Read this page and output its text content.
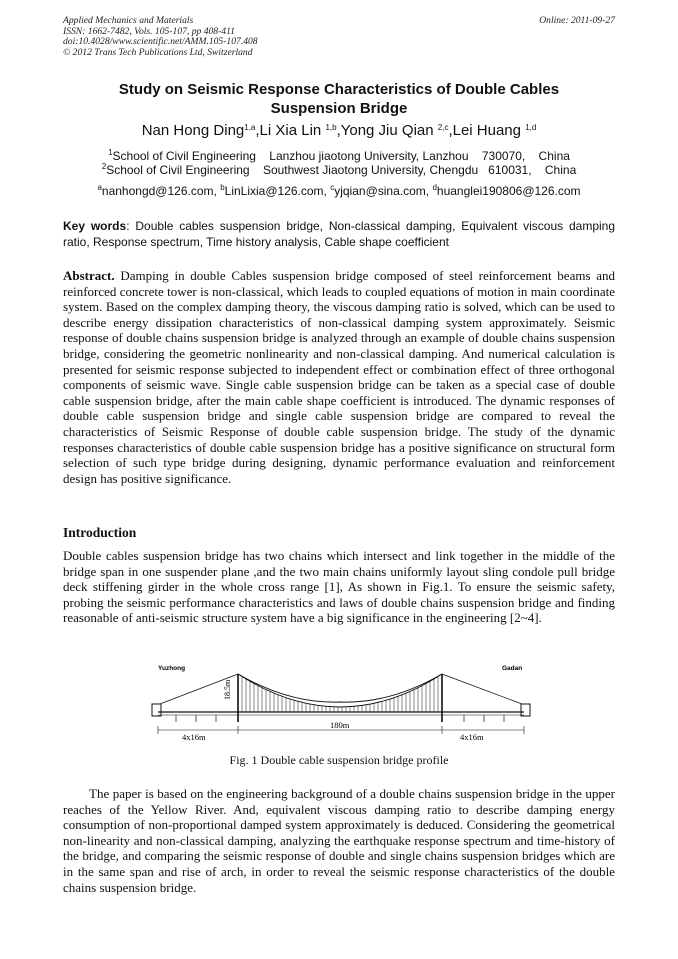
Applied Mechanics and Materials
ISSN: 1662-7482, Vols. 105-107, pp 408-411
doi:10.4028/www.scientific.net/AMM.105-107.408
© 2012 Trans Tech Publications Ltd, Switzerland
Online: 2011-09-27
Study on Seismic Response Characteristics of Double Cables
Suspension Bridge
Nan Hong Ding$^{1,a}$,Li Xia Lin $^{1,b}$,Yong Jiu Qian $^{2,c}$,Lei Huang $^{1,d}$
$^1$School of Civil Engineering    Lanzhou jiaotong University, Lanzhou    730070,    China
$^2$School of Civil Engineering    Southwest Jiaotong University, Chengdu   610031,    China
$^a$nanhongd@126.com, $^b$LinLixia@126.com, $^c$yjqian@sina.com, $^d$huanglei190806@126.com
Key words: Double cables suspension bridge, Non-classical damping, Equivalent viscous damping ratio, Response spectrum, Time history analysis, Cable shape coefficient
Abstract. Damping in double Cables suspension bridge composed of steel reinforcement beams and reinforced concrete tower is non-classical, which leads to coupled equations of motion in main coordinate system. Based on the complex damping theory, the viscous damping ratio is solved, which can be used to describe energy dissipation characteristics of non-classical damping system approximately. Seismic response of double chains suspension bridge is analyzed through an example of double chains suspension bridge, considering the geometric nonlinearity and non-classical damping. And numerical calculation is presented for seismic response subjected to independent effect or combination effect of three orthogonal components of seismic wave. Single cable suspension bridge can be taken as a special case of double cable suspension bridge, after the main cable shape coefficient is introduced. The dynamic responses of double cable suspension bridge and single cable suspension bridge are compared to reveal the characteristics of Seismic Response of double cable suspension bridge. The study of the dynamic responses characteristics of double cable suspension bridge has a positive significance on structural form selection of such type bridge during designing, dynamic performance evaluation and reinforcement design has positive significance.
Introduction
Double cables suspension bridge has two chains which intersect and link together in the middle of the bridge span in one suspender plane ,and the two main chains uniformly layout sling condole pull bridge deck stiffening girder in the whole cross range [1], As shown in Fig.1. To ensure the seismic safety, probing the seismic performance characteristics and laws of double chains suspension bridge and finding reasonable of anti-seismic structure system have a big significance in the engineering [2~4].
Yuzhong	Gadan
18.5m
4x16m
180m
4x16m
Fig. 1 Double cable suspension bridge profile
The paper is based on the engineering background of a double chains suspension bridge in the upper reaches of the Yellow River. And, equivalent viscous damping ratio to describe damping energy consumption of non-proportional damped system approximately is deduced. Considering the geometrical non-linearity and non-classical damping, analyzing the earthquake response spectrum and time-history of the bridge, and comparing the seismic response of double and single chains suspension bridges which are in the same span and rise of arch, in order to reveal the seismic response characteristics of the double chains suspension bridge.
